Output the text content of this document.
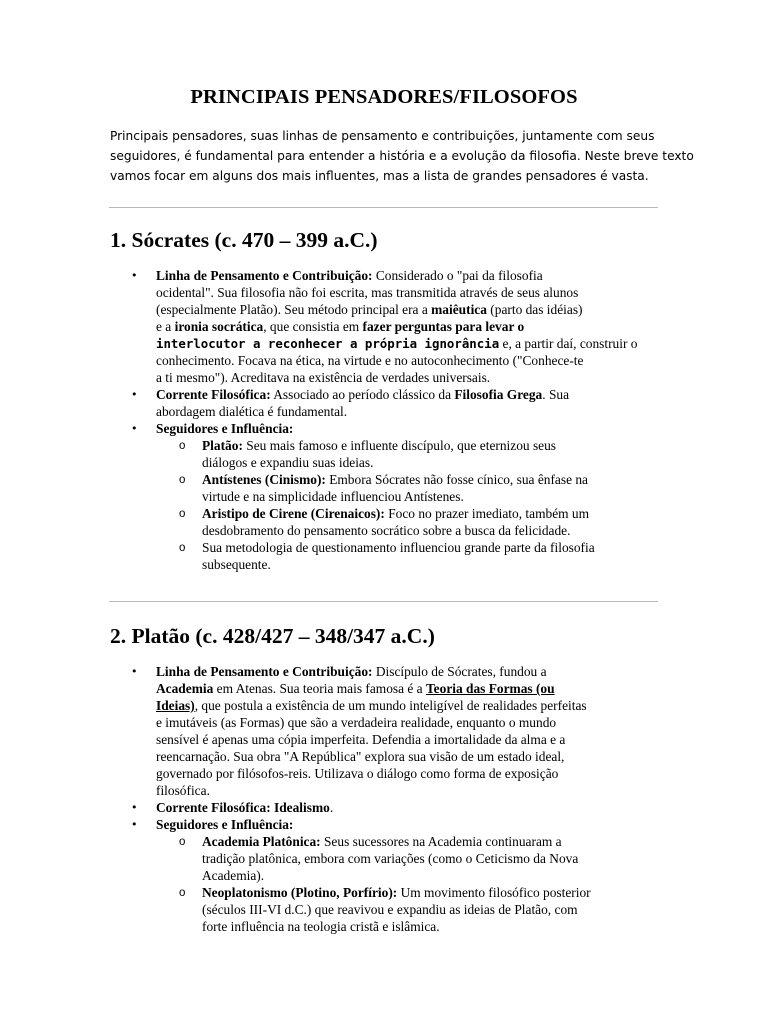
PRINCIPAIS PENSADORES/FILOSOFOS
Principais pensadores, suas linhas de pensamento e contribuições, juntamente com seus
seguidores, é fundamental para entender a história e a evolução da filosofia. Neste breve texto
vamos focar em alguns dos mais influentes, mas a lista de grandes pensadores é vasta.
1. Sócrates (c. 470 – 399 a.C.)
• Linha de Pensamento e Contribuição: Considerado o "pai da filosofia
ocidental". Sua filosofia não foi escrita, mas transmitida através de seus alunos
(especialmente Platão). Seu método principal era a maiêutica (parto das idéias)
e a ironia socrática, que consistia em fazer perguntas para levar o
interlocutor a reconhecer a própria ignorância e, a partir daí, construir o
conhecimento. Focava na ética, na virtude e no autoconhecimento ("Conhece-te
a ti mesmo"). Acreditava na existência de verdades universais.
• Corrente Filosófica: Associado ao período clássico da Filosofia Grega. Sua
abordagem dialética é fundamental.
• Seguidores e Influência:
o Platão: Seu mais famoso e influente discípulo, que eternizou seus
diálogos e expandiu suas ideias.
o Antístenes (Cinismo): Embora Sócrates não fosse cínico, sua ênfase na
virtude e na simplicidade influenciou Antístenes.
o Aristipo de Cirene (Cirenaicos): Foco no prazer imediato, também um
desdobramento do pensamento socrático sobre a busca da felicidade.
o Sua metodologia de questionamento influenciou grande parte da filosofia
subsequente.
2. Platão (c. 428/427 – 348/347 a.C.)
• Linha de Pensamento e Contribuição: Discípulo de Sócrates, fundou a
Academia em Atenas. Sua teoria mais famosa é a Teoria das Formas (ou
Ideias), que postula a existência de um mundo inteligível de realidades perfeitas
e imutáveis (as Formas) que são a verdadeira realidade, enquanto o mundo
sensível é apenas uma cópia imperfeita. Defendia a imortalidade da alma e a
reencarnação. Sua obra "A República" explora sua visão de um estado ideal,
governado por filósofos-reis. Utilizava o diálogo como forma de exposição
filosófica.
• Corrente Filosófica: Idealismo.
• Seguidores e Influência:
o Academia Platônica: Seus sucessores na Academia continuaram a
tradição platônica, embora com variações (como o Ceticismo da Nova
Academia).
o Neoplatonismo (Plotino, Porfírio): Um movimento filosófico posterior
(séculos III-VI d.C.) que reavivou e expandiu as ideias de Platão, com
forte influência na teologia cristã e islâmica.
